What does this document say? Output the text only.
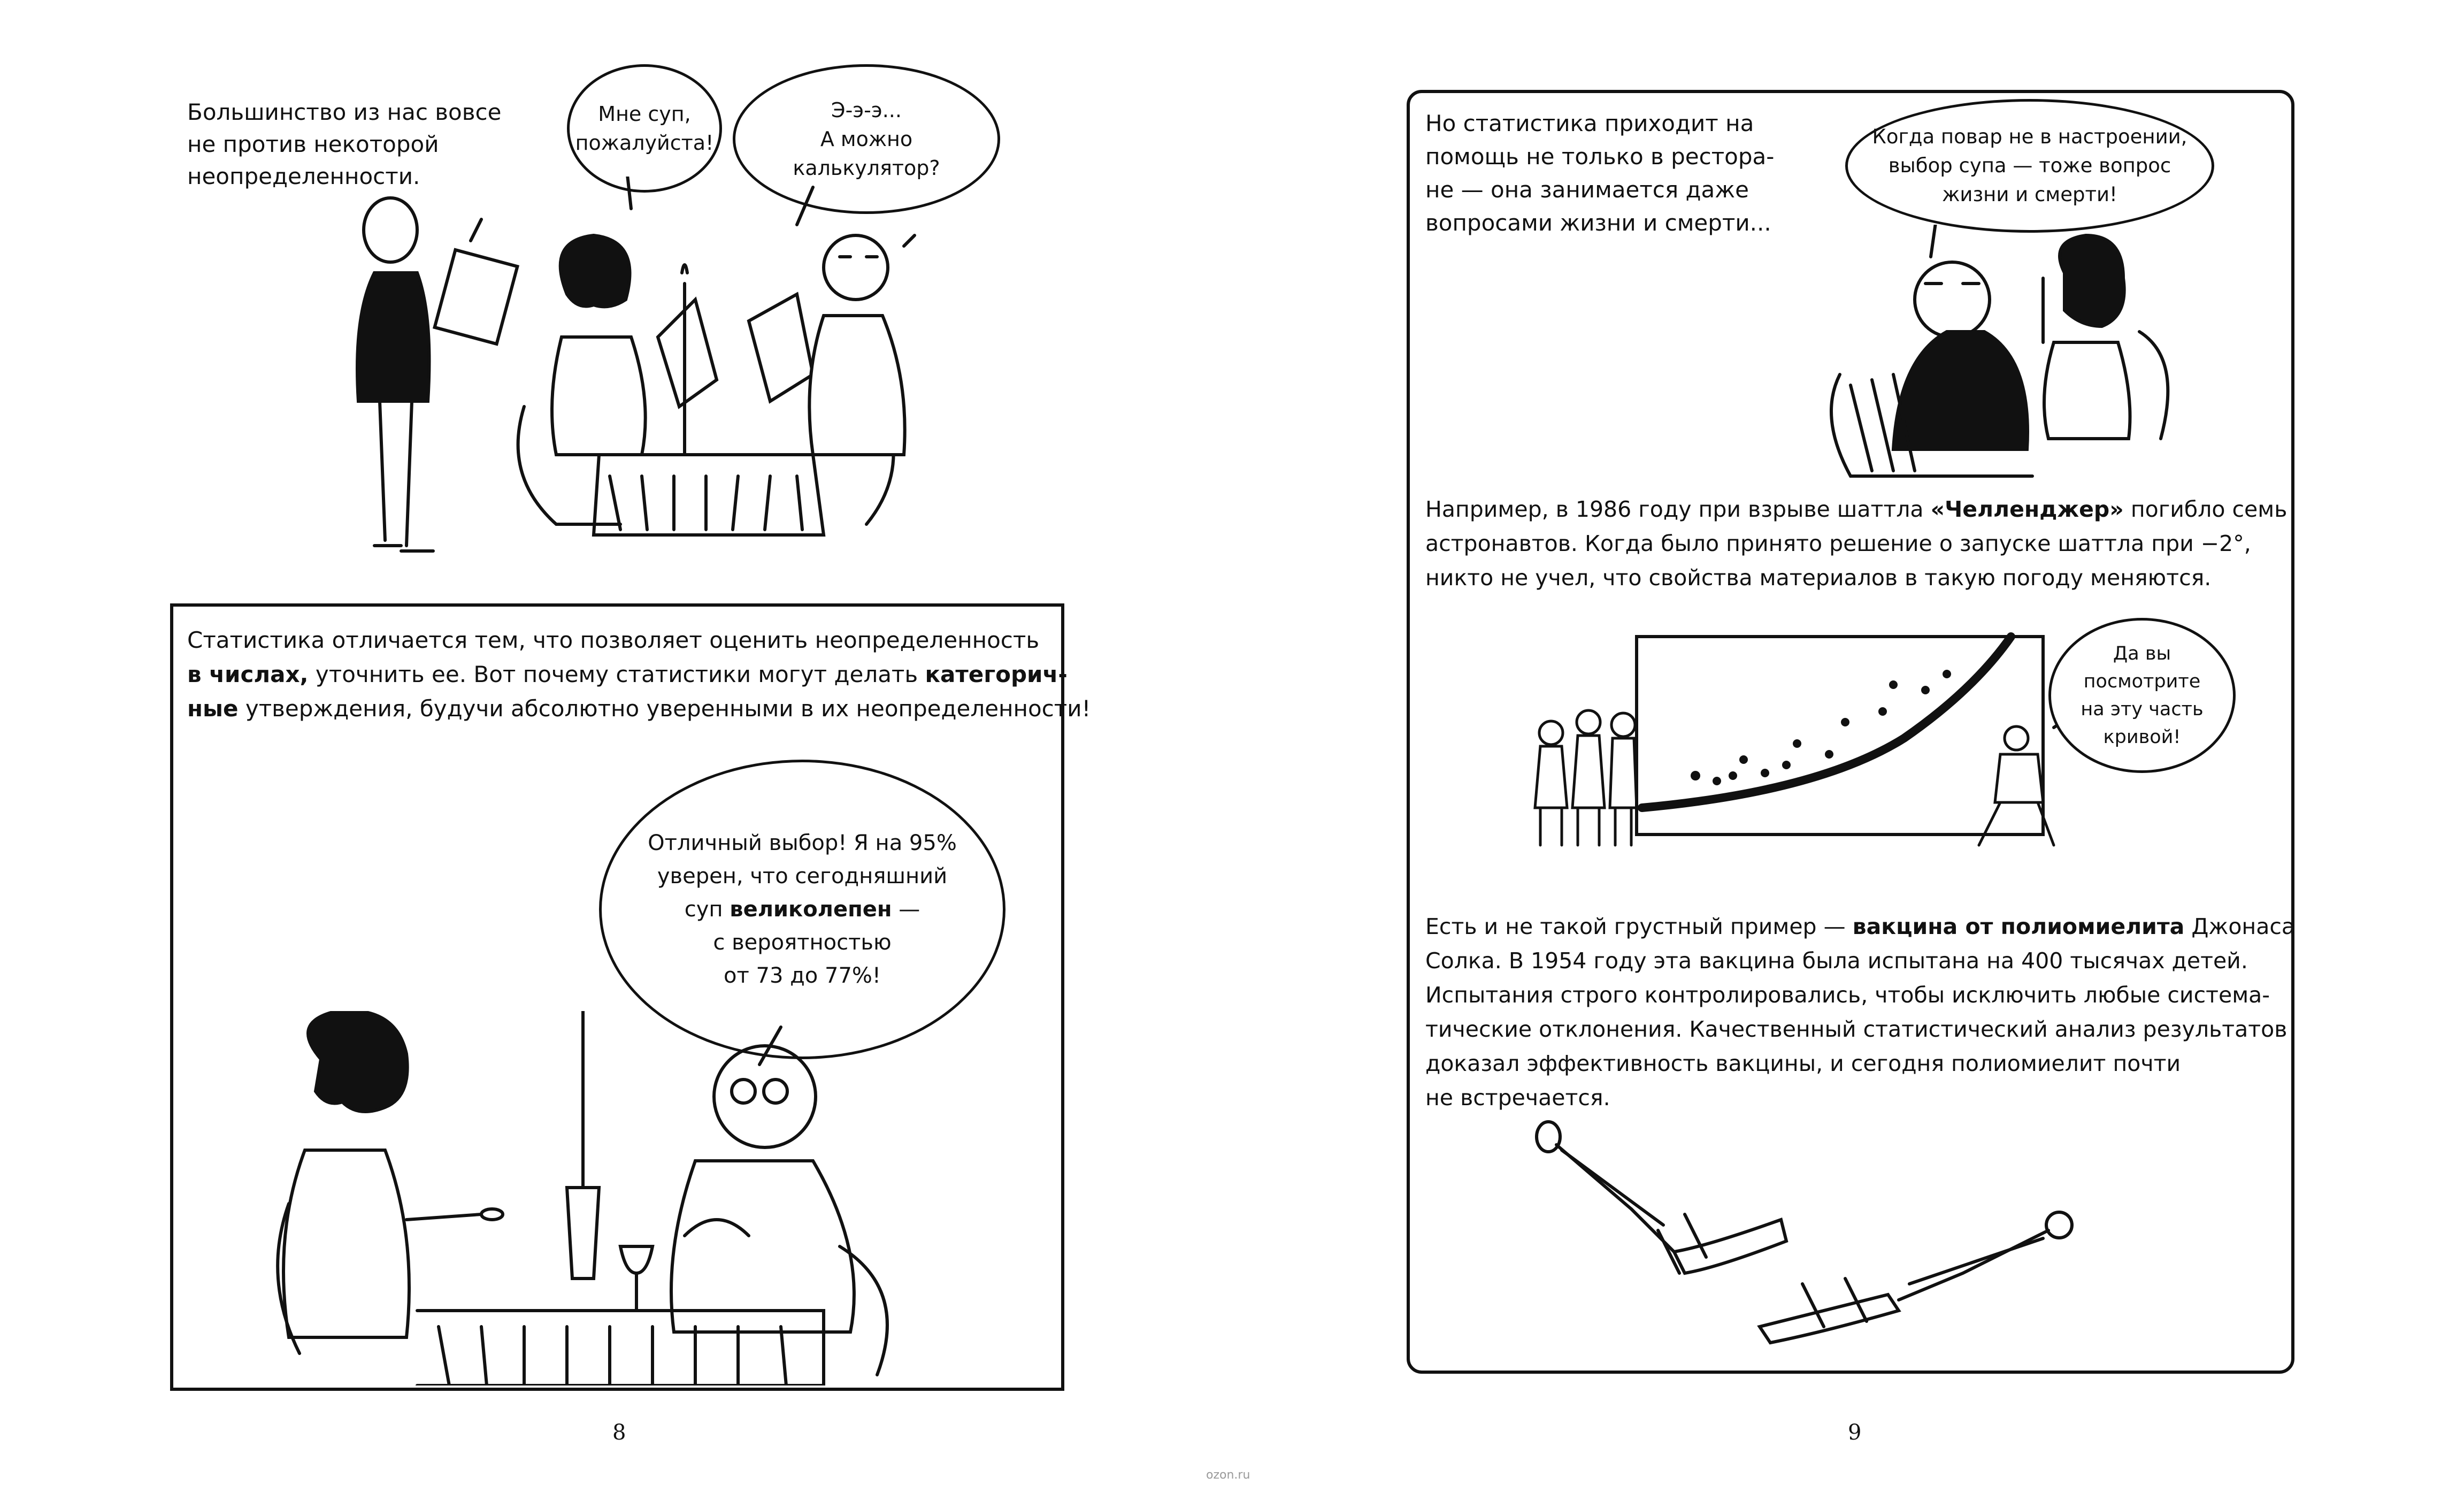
Большинство из нас вовсе
не против некоторой
неопределенности.
Мне суп,
пожалуйста!
Э-э-э...
А можно
калькулятор?
Статистика отличается тем, что позволяет оценить неопределенность
в числах, уточнить ее. Вот почему статистики могут делать категорич-
ные утверждения, будучи абсолютно уверенными в их неопределенности!
Отличный выбор! Я на 95%
уверен, что сегодняшний
суп великолепен —
с вероятностью
от 73 до 77%!
8
Но статистика приходит на
помощь не только в рестора-
не — она занимается даже
вопросами жизни и смерти...
Когда повар не в настроении,
выбор супа — тоже вопрос
жизни и смерти!
Например, в 1986 году при взрыве шаттла «Челленджер» погибло семь
астронавтов. Когда было принято решение о запуске шаттла при −2°,
никто не учел, что свойства материалов в такую погоду меняются.
Да вы
посмотрите
на эту часть
кривой!
Есть и не такой грустный пример — вакцина от полиомиелита Джонаса
Солка. В 1954 году эта вакцина была испытана на 400 тысячах детей.
Испытания строго контролировались, чтобы исключить любые система-
тические отклонения. Качественный статистический анализ результатов
доказал эффективность вакцины, и сегодня полиомиелит почти
не встречается.
9
ozon.ru
